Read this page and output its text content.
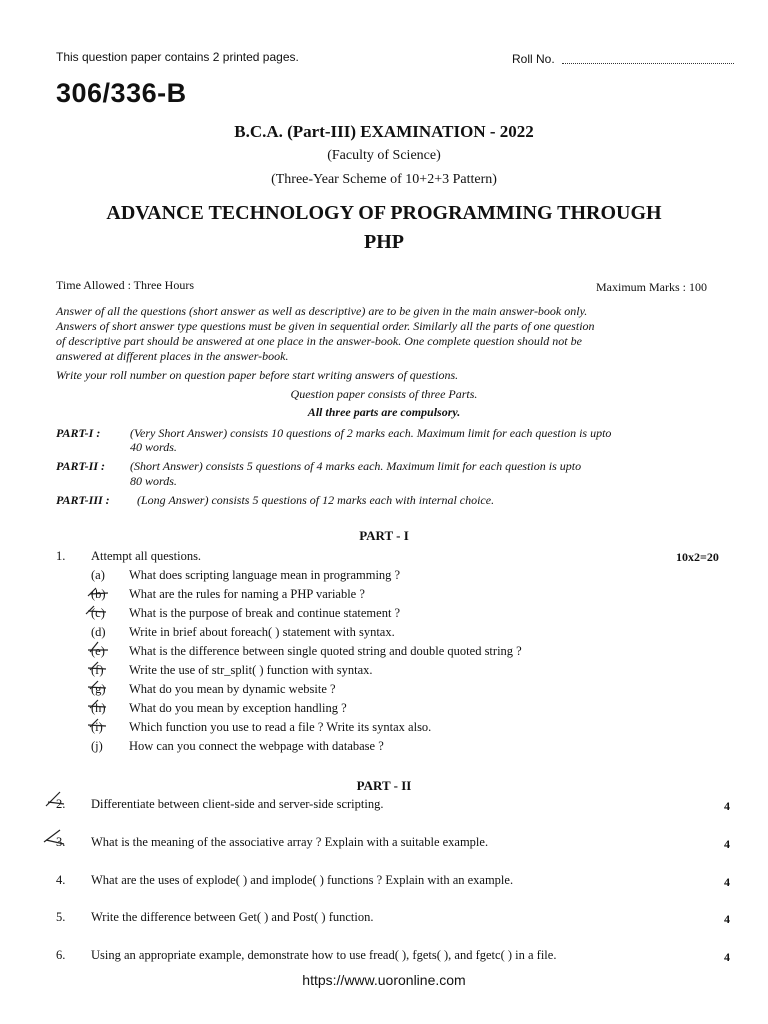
This question paper contains 2 printed pages.	Roll No.
306/336-B
B.C.A. (Part-III) EXAMINATION - 2022
(Faculty of Science)
(Three-Year Scheme of 10+2+3 Pattern)
ADVANCE TECHNOLOGY OF PROGRAMMING THROUGH
PHP
Time Allowed : Three Hours	Maximum Marks : 100
Answer of all the questions (short answer as well as descriptive) are to be given in the main answer-book only.
Answers of short answer type questions must be given in sequential order. Similarly all the parts of one question
of descriptive part should be answered at one place in the answer-book. One complete question should not be
answered at different places in the answer-book.
Write your roll number on question paper before start writing answers of questions.
Question paper consists of three Parts.
All three parts are compulsory.
PART-I : (Very Short Answer) consists 10 questions of 2 marks each. Maximum limit for each question is upto
40 words.
PART-II : (Short Answer) consists 5 questions of 4 marks each. Maximum limit for each question is upto
80 words.
PART-III : (Long Answer) consists 5 questions of 12 marks each with internal choice.
PART - I
1. Attempt all questions.	10x2=20
(a) What does scripting language mean in programming ?
(b) What are the rules for naming a PHP variable ?
(c) What is the purpose of break and continue statement ?
(d) Write in brief about foreach( ) statement with syntax.
(e) What is the difference between single quoted string and double quoted string ?
(f) Write the use of str_split( ) function with syntax.
(g) What do you mean by dynamic website ?
(h) What do you mean by exception handling ?
(i) Which function you use to read a file ? Write its syntax also.
(j) How can you connect the webpage with database ?
PART - II
2. Differentiate between client-side and server-side scripting.	4
3. What is the meaning of the associative array ? Explain with a suitable example.	4
4. What are the uses of explode( ) and implode( ) functions ? Explain with an example.	4
5. Write the difference between Get( ) and Post( ) function.	4
6. Using an appropriate example, demonstrate how to use fread( ), fgets( ), and fgetc( ) in a file.	4
https://www.uoronline.com
